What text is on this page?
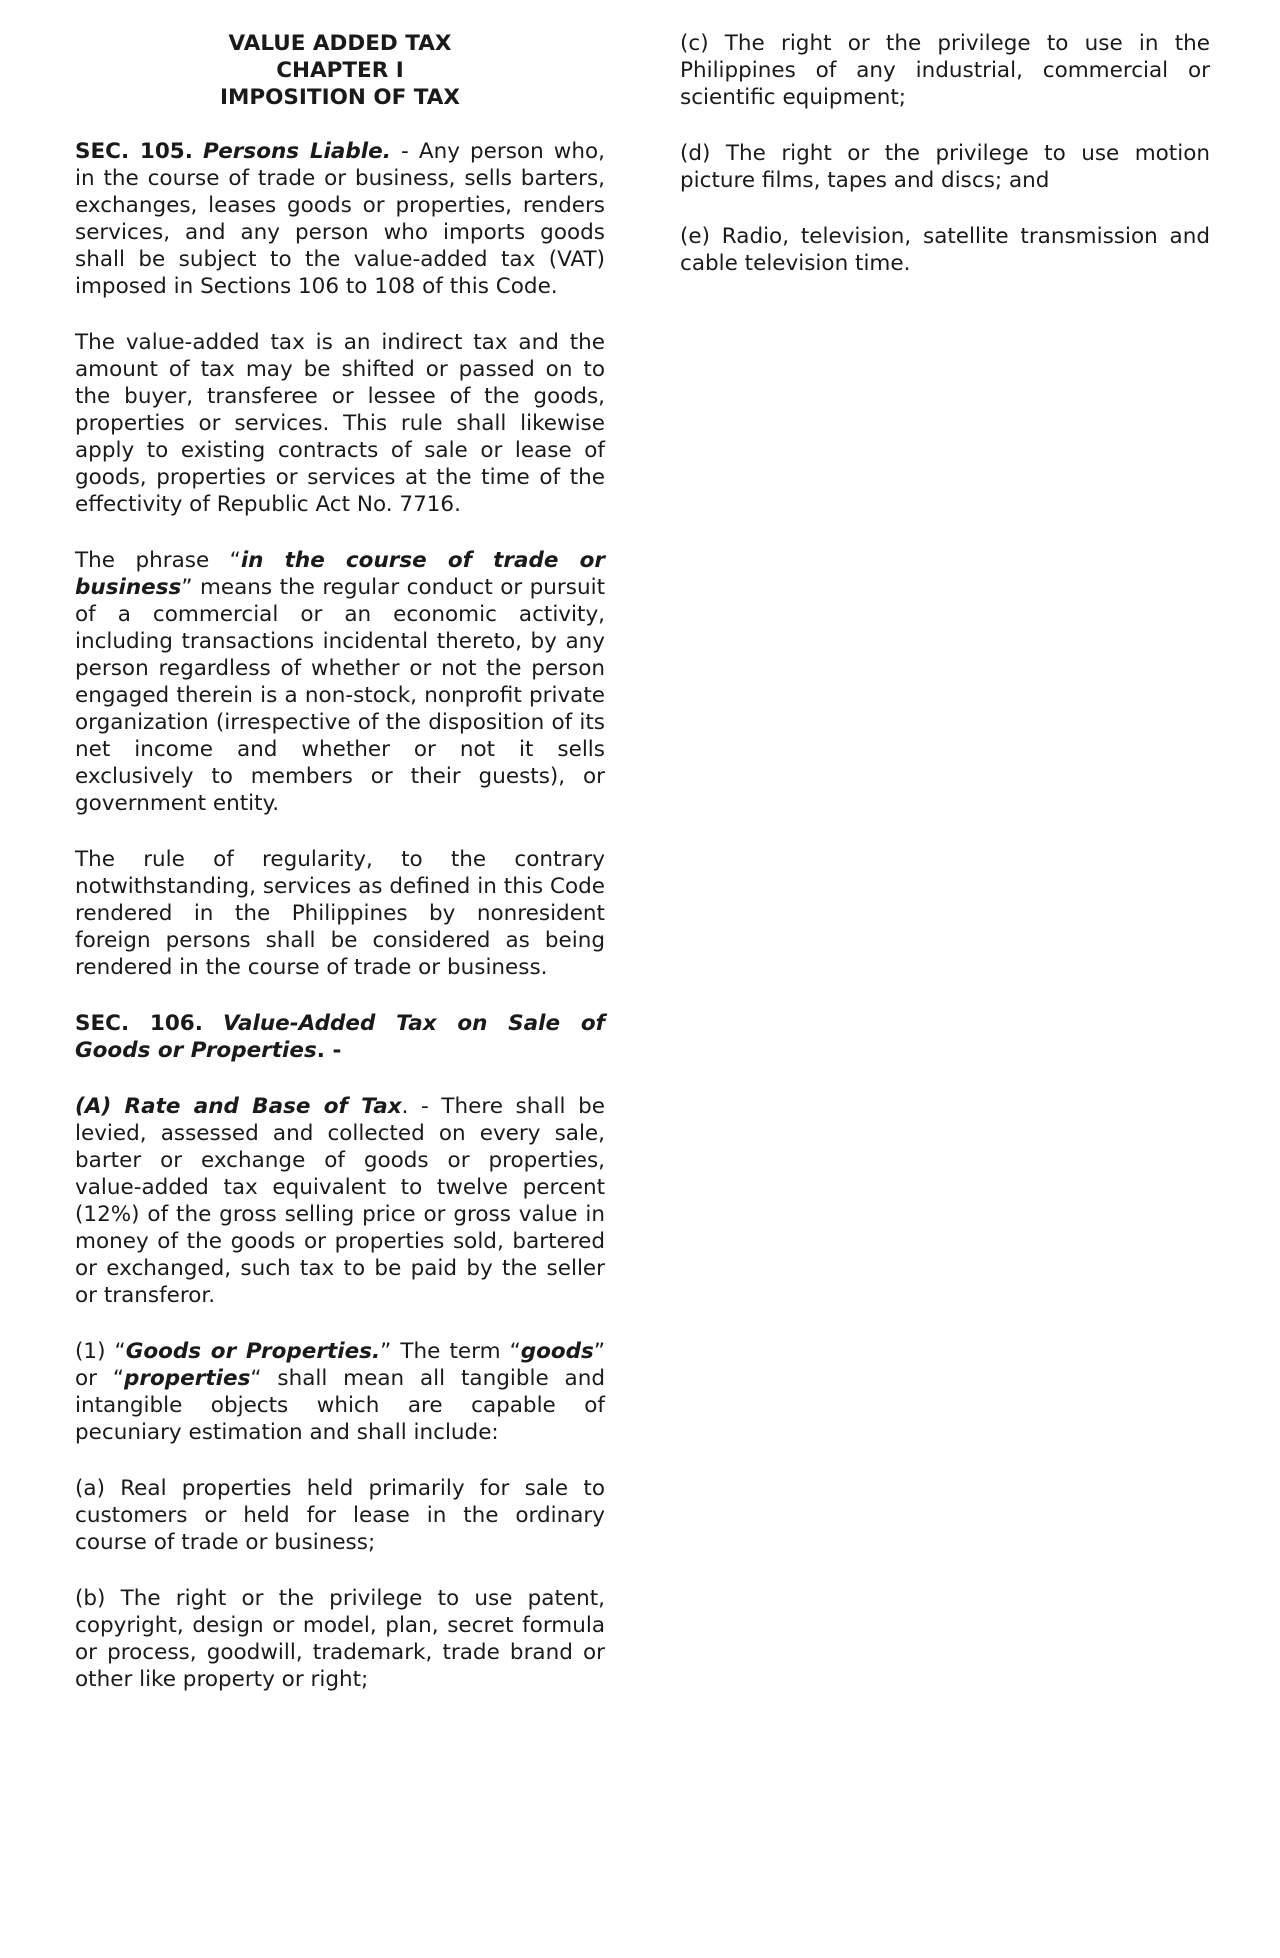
VALUE ADDED TAX
CHAPTER I
IMPOSITION OF TAX

SEC. 105. Persons Liable. - Any person who, in the course of trade or business, sells barters, exchanges, leases goods or properties, renders services, and any person who imports goods shall be subject to the value-added tax (VAT) imposed in Sections 106 to 108 of this Code.

The value-added tax is an indirect tax and the amount of tax may be shifted or passed on to the buyer, transferee or lessee of the goods, properties or services. This rule shall likewise apply to existing contracts of sale or lease of goods, properties or services at the time of the effectivity of Republic Act No. 7716.

The phrase “in the course of trade or business” means the regular conduct or pursuit of a commercial or an economic activity, including transactions incidental thereto, by any person regardless of whether or not the person engaged therein is a non-stock, nonprofit private organization (irrespective of the disposition of its net income and whether or not it sells exclusively to members or their guests), or government entity.

The rule of regularity, to the contrary notwithstanding, services as defined in this Code rendered in the Philippines by nonresident foreign persons shall be considered as being rendered in the course of trade or business.

SEC. 106. Value-Added Tax on Sale of Goods or Properties. -

(A) Rate and Base of Tax. - There shall be levied, assessed and collected on every sale, barter or exchange of goods or properties, value-added tax equivalent to twelve percent (12%) of the gross selling price or gross value in money of the goods or properties sold, bartered or exchanged, such tax to be paid by the seller or transferor.

(1) “Goods or Properties.” The term “goods” or “properties“ shall mean all tangible and intangible objects which are capable of pecuniary estimation and shall include:

(a) Real properties held primarily for sale to customers or held for lease in the ordinary course of trade or business;

(b) The right or the privilege to use patent, copyright, design or model, plan, secret formula or process, goodwill, trademark, trade brand or other like property or right;

(c) The right or the privilege to use in the Philippines of any industrial, commercial or scientific equipment;

(d) The right or the privilege to use motion picture films, tapes and discs; and

(e) Radio, television, satellite transmission and cable television time.
